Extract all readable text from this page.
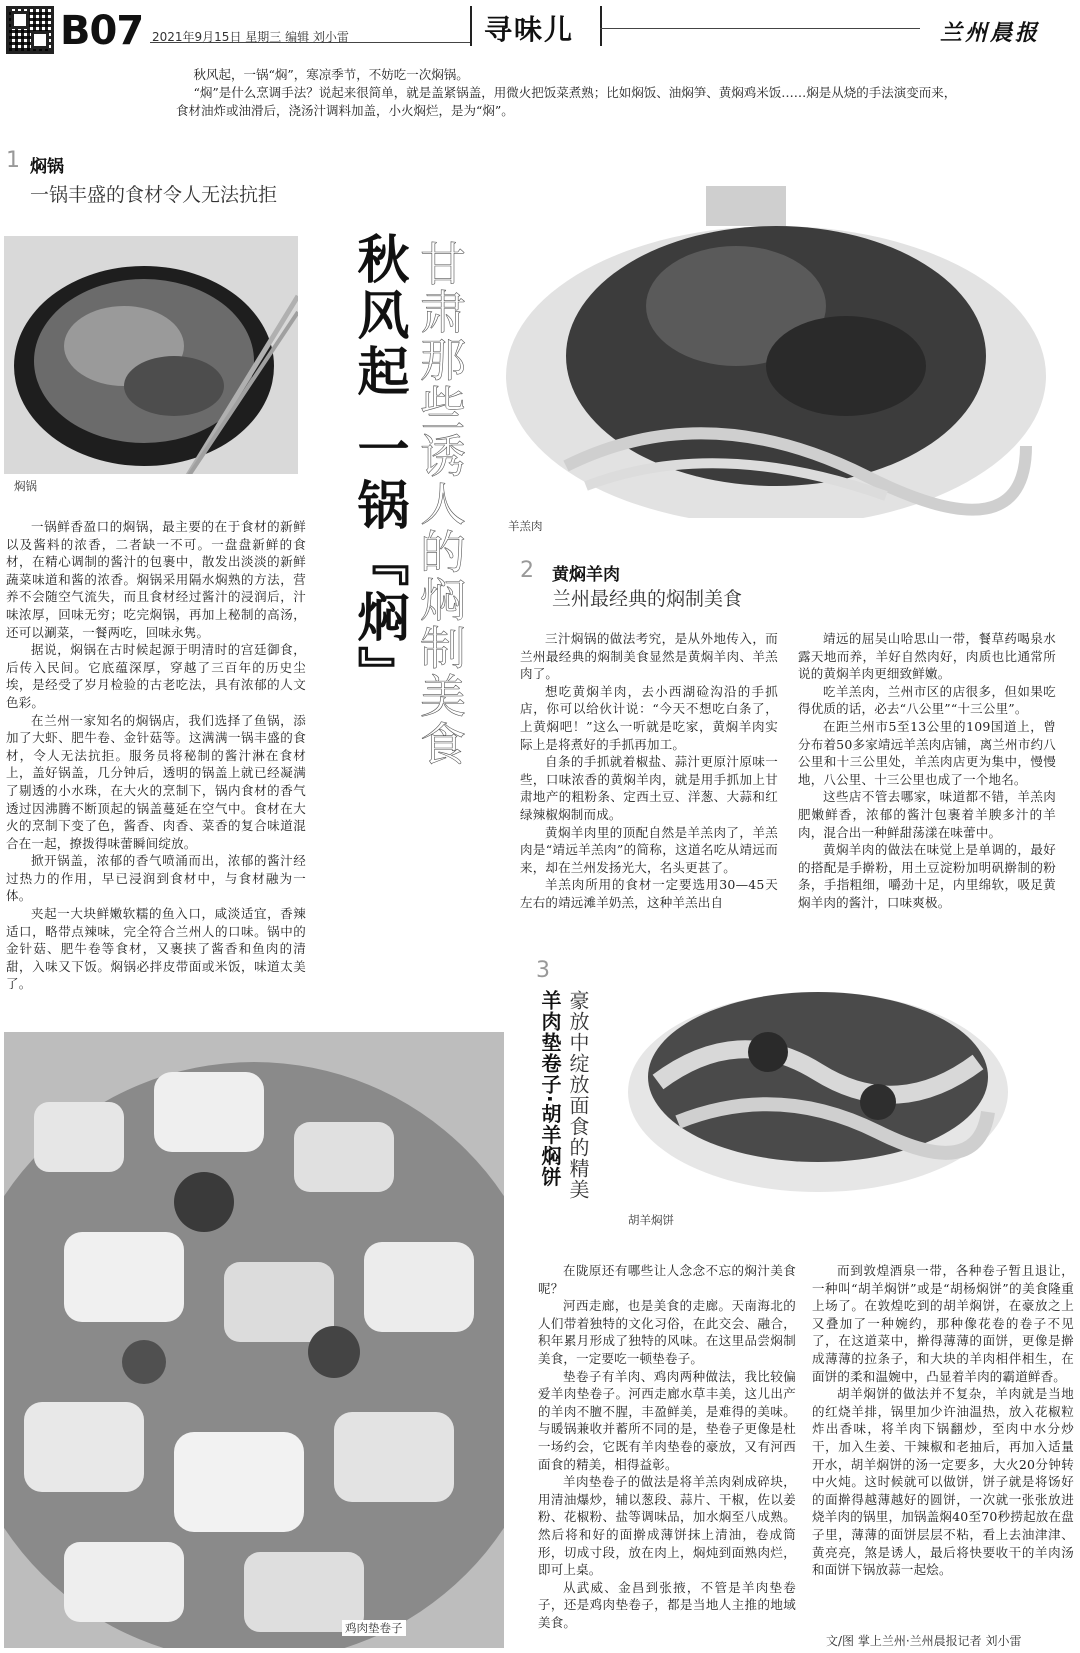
B07 2021年9月15日 星期三 编辑 刘小雷	寻味儿	兰州晨报

秋风起，一锅“焖”，寒凉季节，不妨吃一次焖锅。

“焖”是什么烹调手法？说起来很简单，就是盖紧锅盖，用微火把饭菜煮熟；比如焖饭、油焖笋、黄焖鸡米饭……焖是从烧的手法演变而来，食材油炸或油滑后，浇汤汁调料加盖，小火焖烂，是为“焖”。

1 焖锅
一锅丰盛的食材令人无法抗拒
焖锅

一锅鲜香盈口的焖锅，最主要的在于食材的新鲜以及酱料的浓香，二者缺一不可。一盘盘新鲜的食材，在精心调制的酱汁的包裹中，散发出淡淡的新鲜蔬菜味道和酱的浓香。焖锅采用隔水焖熟的方法，营养不会随空气流失，而且食材经过酱汁的浸润后，汁味浓厚，回味无穷；吃完焖锅，再加上秘制的高汤，还可以涮菜，一餐两吃，回味永隽。

据说，焖锅在古时候起源于明清时的宫廷御食，后传入民间。它底蕴深厚，穿越了三百年的历史尘埃，是经受了岁月检验的古老吃法，具有浓郁的人文色彩。

在兰州一家知名的焖锅店，我们选择了鱼锅，添加了大虾、肥牛卷、金针菇等。这满满一锅丰盛的食材，令人无法抗拒。服务员将秘制的酱汁淋在食材上，盖好锅盖，几分钟后，透明的锅盖上就已经凝满了剔透的小水珠，在大火的烹制下，锅内食材的香气透过因沸腾不断顶起的锅盖蔓延在空气中。食材在大火的烹制下变了色，酱香、肉香、菜香的复合味道混合在一起，撩拨得味蕾瞬间绽放。

掀开锅盖，浓郁的香气喷涌而出，浓郁的酱汁经过热力的作用，早已浸润到食材中，与食材融为一体。

夹起一大块鲜嫩软糯的鱼入口，咸淡适宜，香辣适口，略带点辣味，完全符合兰州人的口味。锅中的金针菇、肥牛卷等食材，又裹挟了酱香和鱼肉的清甜，入味又下饭。焖锅必拌皮带面或米饭，味道太美了。

鸡肉垫卷子
秋风起 一锅『焖』 甘肃那些诱人的焖制美食	羊羔肉
2 黄焖羊肉
兰州最经典的焖制美食

三汁焖锅的做法考究，是从外地传入，而兰州最经典的焖制美食显然是黄焖羊肉、羊羔肉了。

想吃黄焖羊肉，去小西湖硷沟沿的手抓店，你可以给伙计说：“今天不想吃白条了，上黄焖吧！”这么一听就是吃家，黄焖羊肉实际上是将煮好的手抓再加工。

自条的手抓就着椒盐、蒜汁更原汁原味一些，口味浓香的黄焖羊肉，就是用手抓加上甘肃地产的粗粉条、定西土豆、洋葱、大蒜和红绿辣椒焖制而成。

黄焖羊肉里的顶配自然是羊羔肉了，羊羔肉是“靖远羊羔肉”的简称，这道名吃从靖远而来，却在兰州发扬光大，名头更甚了。

羊羔肉所用的食材一定要选用30—45天左右的靖远滩羊奶羔，这种羊羔出自

靖远的屈吴山哈思山一带，餐草药喝泉水露天地而养，羊好自然肉好，肉质也比通常所说的黄焖羊肉更细致鲜嫩。

吃羊羔肉，兰州市区的店很多，但如果吃得优质的话，必去“八公里”“十三公里”。

在距兰州市5至13公里的109国道上，曾分布着50多家靖远羊羔肉店铺，离兰州市约八公里和十三公里处，羊羔肉店更为集中，慢慢地，八公里、十三公里也成了一个地名。

这些店不管去哪家，味道都不错，羊羔肉肥嫩鲜香，浓郁的酱汁包裹着羊腴多汁的羊肉，混合出一种鲜甜荡漾在味蕾中。

黄焖羊肉的做法在味觉上是单调的，最好的搭配是手擀粉，用土豆淀粉加明矾擀制的粉条，手指粗细，嚼劲十足，内里绵软，吸足黄焖羊肉的酱汁，口味爽极。

3
羊肉垫卷子·胡羊焖饼 豪放中绽放面食的精美
胡羊焖饼

在陇原还有哪些让人念念不忘的焖汁美食呢？

河西走廊，也是美食的走廊。天南海北的人们带着独特的文化习俗，在此交会、融合，积年累月形成了独特的风味。在这里品尝焖制美食，一定要吃一顿垫卷子。

垫卷子有羊肉、鸡肉两种做法，我比较偏爱羊肉垫卷子。河西走廊水草丰美，这儿出产的羊肉不膻不腥，丰盈鲜美，是难得的美味。与暖锅兼收并蓄所不同的是，垫卷子更像是杜一场约会，它既有羊肉垫卷的豪放，又有河西面食的精美，相得益彰。

羊肉垫卷子的做法是将羊羔肉剁成碎块，用清油爆炒，辅以葱段、蒜片、干椒，佐以姜粉、花椒粉、盐等调味品，加水焖至八成熟。然后将和好的面擀成薄饼抹上清油，卷成筒形，切成寸段，放在肉上，焖炖到面熟肉烂，即可上桌。

从武威、金昌到张掖，不管是羊肉垫卷子，还是鸡肉垫卷子，都是当地人主推的地域美食。

而到敦煌酒泉一带，各种卷子暂且退让，一种叫“胡羊焖饼”或是“胡杨焖饼”的美食隆重上场了。在敦煌吃到的胡羊焖饼，在豪放之上又叠加了一种婉约，那种像花卷的卷子不见了，在这道菜中，擀得薄薄的面饼，更像是擀成薄薄的拉条子，和大块的羊肉相伴相生，在面饼的柔和温婉中，凸显着羊肉的霸道鲜香。

胡羊焖饼的做法并不复杂，羊肉就是当地的红烧羊排，锅里加少许油温热，放入花椒粒炸出香味，将羊肉下锅翻炒，至肉中水分炒干，加入生姜、干辣椒和老抽后，再加入适量开水，胡羊焖饼的汤一定要多，大火20分钟转中火炖。这时候就可以做饼，饼子就是将饧好的面擀得越薄越好的圆饼，一次就一张张放进烧羊肉的锅里，加锅盖焖40至70秒捞起放在盘子里，薄薄的面饼层层不粘，看上去油津津、黄亮亮，煞是诱人，最后将快要收干的羊肉汤和面饼下锅放蒜一起烩。

文/图 掌上兰州·兰州晨报记者 刘小雷
